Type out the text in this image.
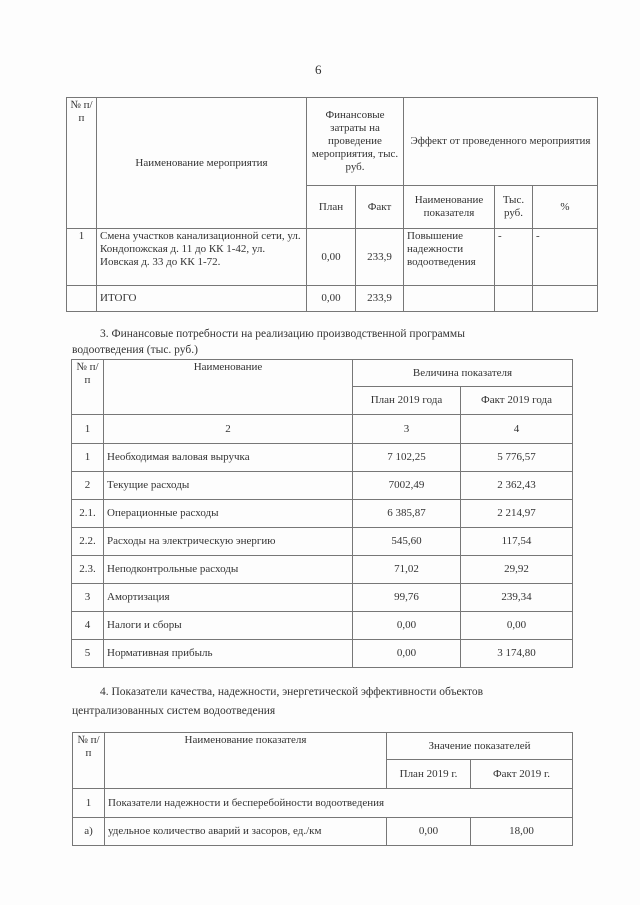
6
№ п/п	Наименование мероприятия	Финансовые затраты на проведение мероприятия, тыс. руб.		Эффект от проведенного мероприятия		
		План	Факт	Наименование показателя	Тыс. руб.	%
1	Смена участков канализационной сети, ул. Кондопожская д. 11 до КК 1-42, ул. Иовская д. 33 до КК 1-72.	0,00	233,9	Повышение надежности водоотведения	-	-
	ИТОГО	0,00	233,9			
3. Финансовые потребности на реализацию производственной программы
водоотведения (тыс. руб.)
№ п/п	Наименование	Величина показателя	
		План 2019 года	Факт 2019 года
1	2	3	4
1	Необходимая валовая выручка	7 102,25	5 776,57
2	Текущие расходы	7002,49	2 362,43
2.1.	Операционные расходы	6 385,87	2 214,97
2.2.	Расходы на электрическую энергию	545,60	117,54
2.3.	Неподконтрольные расходы	71,02	29,92
3	Амортизация	99,76	239,34
4	Налоги и сборы	0,00	0,00
5	Нормативная прибыль	0,00	3 174,80
4. Показатели качества, надежности, энергетической эффективности объектов
централизованных систем водоотведения
№ п/п	Наименование показателя	Значение показателей	
		План 2019 г.	Факт 2019 г.
1	Показатели надежности и бесперебойности водоотведения		
а)	удельное количество аварий и засоров, ед./км	0,00	18,00
